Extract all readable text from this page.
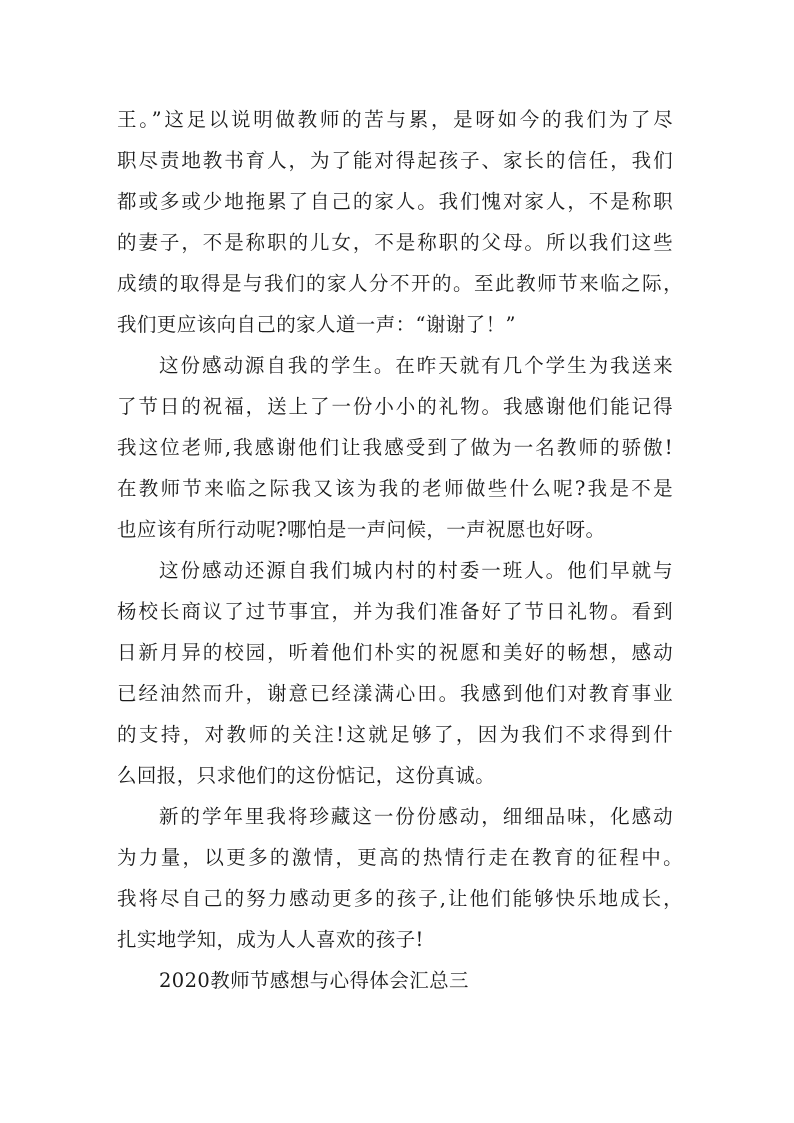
王。”这足以说明做教师的苦与累，是呀如今的我们为了尽
职尽责地教书育人，为了能对得起孩子、家长的信任，我们
都或多或少地拖累了自己的家人。我们愧对家人，不是称职
的妻子，不是称职的儿女，不是称职的父母。所以我们这些
成绩的取得是与我们的家人分不开的。至此教师节来临之际，
我们更应该向自己的家人道一声：“谢谢了！”
这份感动源自我的学生。在昨天就有几个学生为我送来
了节日的祝福，送上了一份小小的礼物。我感谢他们能记得
我这位老师,我感谢他们让我感受到了做为一名教师的骄傲!
在教师节来临之际我又该为我的老师做些什么呢?我是不是
也应该有所行动呢?哪怕是一声问候，一声祝愿也好呀。
这份感动还源自我们城内村的村委一班人。他们早就与
杨校长商议了过节事宜，并为我们准备好了节日礼物。看到
日新月异的校园，听着他们朴实的祝愿和美好的畅想，感动
已经油然而升，谢意已经漾满心田。我感到他们对教育事业
的支持，对教师的关注!这就足够了，因为我们不求得到什
么回报，只求他们的这份惦记，这份真诚。
新的学年里我将珍藏这一份份感动，细细品味，化感动
为力量，以更多的激情，更高的热情行走在教育的征程中。
我将尽自己的努力感动更多的孩子,让他们能够快乐地成长，
扎实地学知，成为人人喜欢的孩子!
2020教师节感想与心得体会汇总三
